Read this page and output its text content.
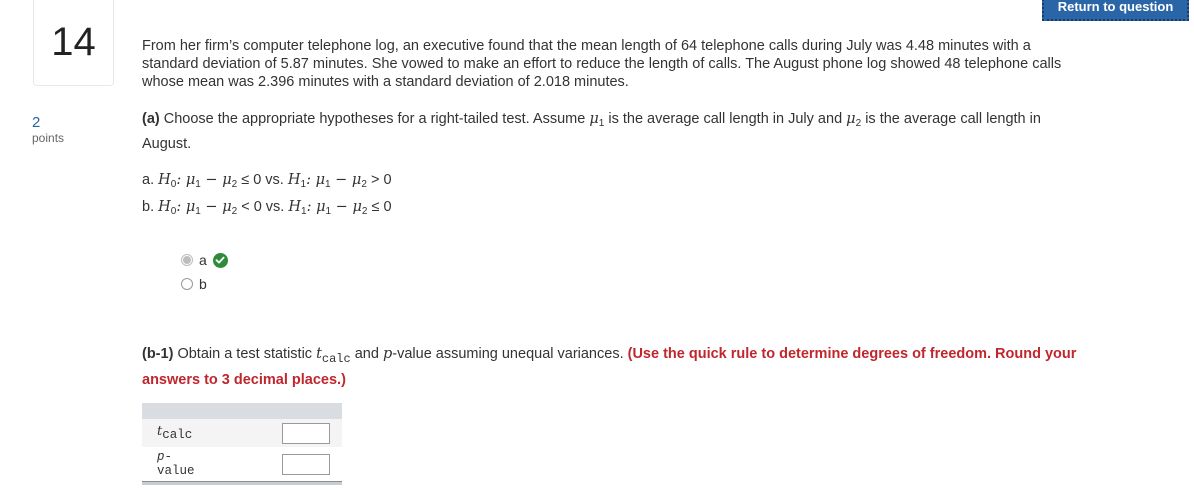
Return to question
14
2
points

From her firm’s computer telephone log, an executive found that the mean length of 64 telephone calls during July was 4.48 minutes with a standard deviation of 5.87 minutes. She vowed to make an effort to reduce the length of calls. The August phone log showed 48 telephone calls whose mean was 2.396 minutes with a standard deviation of 2.018 minutes.

(a) Choose the appropriate hypotheses for a right-tailed test. Assume $\mu_1$ is the average call length in July and $\mu_2$ is the average call length in August.

a. $H_0$: $\mu_1 - \mu_2 \le 0$ vs. $H_1$: $\mu_1 - \mu_2 > 0$
b. $H_0$: $\mu_1 - \mu_2 < 0$ vs. $H_1$: $\mu_1 - \mu_2 \le 0$
a
b

(b-1) Obtain a test statistic $t_{calc}$ and p-value assuming unequal variances. (Use the quick rule to determine degrees of freedom. Round your answers to 3 decimal places.)

tcalc
p-
value
